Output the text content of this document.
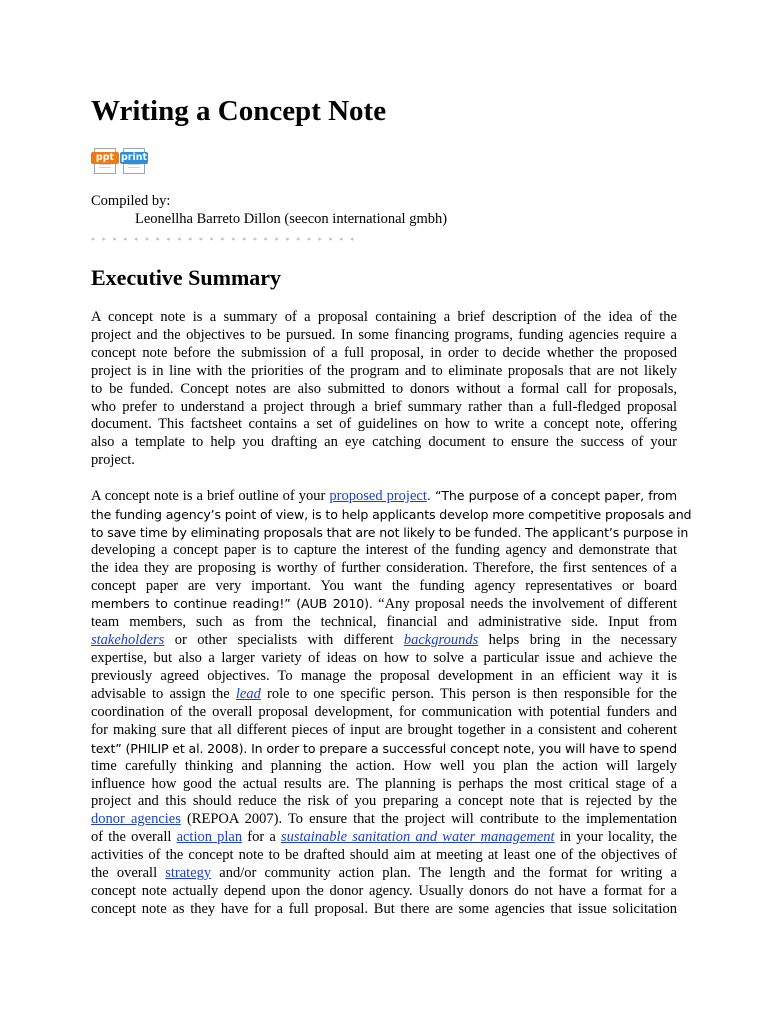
Writing a Concept Note
ppt print
Compiled by:
Leonellha Barreto Dillon (seecon international gmbh)
* * * * * * * * * * * * * * * * * * * * * * * * *
Executive Summary
A concept note is a summary of a proposal containing a brief description of the idea of the
project and the objectives to be pursued. In some financing programs, funding agencies require a
concept note before the submission of a full proposal, in order to decide whether the proposed
project is in line with the priorities of the program and to eliminate proposals that are not likely
to be funded. Concept notes are also submitted to donors without a formal call for proposals,
who prefer to understand a project through a brief summary rather than a full-fledged proposal
document. This factsheet contains a set of guidelines on how to write a concept note, offering
also a template to help you drafting an eye catching document to ensure the success of your
project.
A concept note is a brief outline of your proposed project. “The purpose of a concept paper, from
the funding agency’s point of view, is to help applicants develop more competitive proposals and
to save time by eliminating proposals that are not likely to be funded. The applicant’s purpose in
developing a concept paper is to capture the interest of the funding agency and demonstrate that
the idea they are proposing is worthy of further consideration. Therefore, the first sentences of a
concept paper are very important. You want the funding agency representatives or board
members to continue reading!” (AUB 2010). “Any proposal needs the involvement of different
team members, such as from the technical, financial and administrative side. Input from
stakeholders or other specialists with different backgrounds helps bring in the necessary
expertise, but also a larger variety of ideas on how to solve a particular issue and achieve the
previously agreed objectives. To manage the proposal development in an efficient way it is
advisable to assign the lead role to one specific person. This person is then responsible for the
coordination of the overall proposal development, for communication with potential funders and
for making sure that all different pieces of input are brought together in a consistent and coherent
text” (PHILIP et al. 2008). In order to prepare a successful concept note, you will have to spend
time carefully thinking and planning the action. How well you plan the action will largely
influence how good the actual results are. The planning is perhaps the most critical stage of a
project and this should reduce the risk of you preparing a concept note that is rejected by the
donor agencies (REPOA 2007). To ensure that the project will contribute to the implementation
of the overall action plan for a sustainable sanitation and water management in your locality, the
activities of the concept note to be drafted should aim at meeting at least one of the objectives of
the overall strategy and/or community action plan. The length and the format for writing a
concept note actually depend upon the donor agency. Usually donors do not have a format for a
concept note as they have for a full proposal. But there are some agencies that issue solicitation
